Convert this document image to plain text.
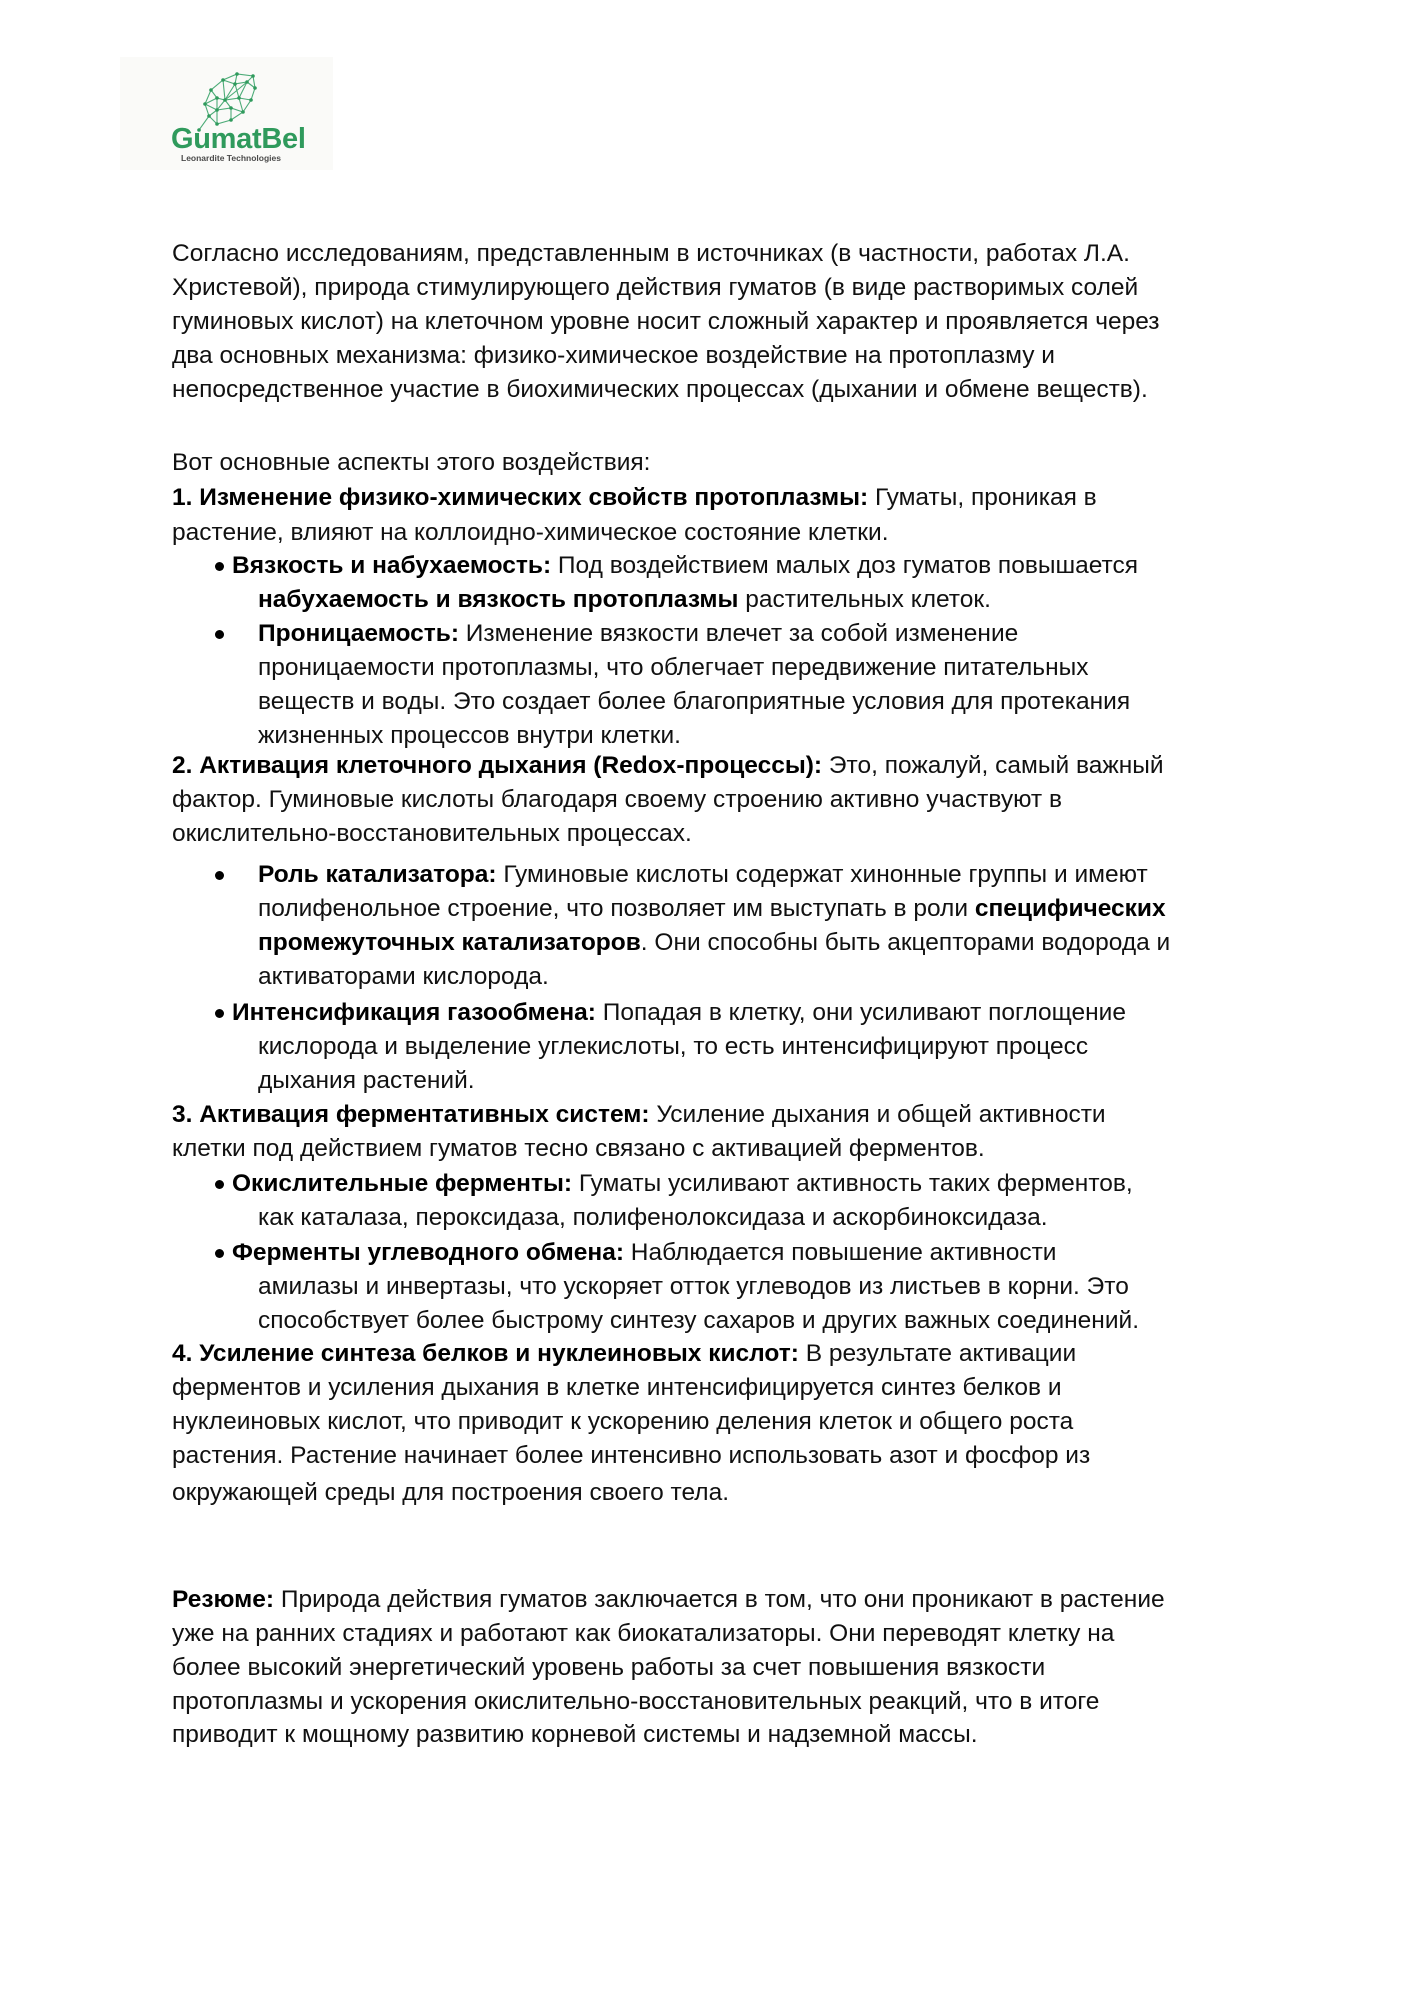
GumatBel
Leonardite Technologies
Согласно исследованиям, представленным в источниках (в частности, работах Л.А.
Христевой), природа стимулирующего действия гуматов (в виде растворимых солей
гуминовых кислот) на клеточном уровне носит сложный характер и проявляется через
два основных механизма: физико-химическое воздействие на протоплазму и
непосредственное участие в биохимических процессах (дыхании и обмене веществ).
Вот основные аспекты этого воздействия:
1. Изменение физико-химических свойств протоплазмы: Гуматы, проникая в
растение, влияют на коллоидно-химическое состояние клетки.
Вязкость и набухаемость: Под воздействием малых доз гуматов повышается
набухаемость и вязкость протоплазмы растительных клеток.
Проницаемость: Изменение вязкости влечет за собой изменение
проницаемости протоплазмы, что облегчает передвижение питательных
веществ и воды. Это создает более благоприятные условия для протекания
жизненных процессов внутри клетки.
2. Активация клеточного дыхания (Redox-процессы): Это, пожалуй, самый важный
фактор. Гуминовые кислоты благодаря своему строению активно участвуют в
окислительно-восстановительных процессах.
Роль катализатора: Гуминовые кислоты содержат хинонные группы и имеют
полифенольное строение, что позволяет им выступать в роли специфических
промежуточных катализаторов. Они способны быть акцепторами водорода и
активаторами кислорода.
Интенсификация газообмена: Попадая в клетку, они усиливают поглощение
кислорода и выделение углекислоты, то есть интенсифицируют процесс
дыхания растений.
3. Активация ферментативных систем: Усиление дыхания и общей активности
клетки под действием гуматов тесно связано с активацией ферментов.
Окислительные ферменты: Гуматы усиливают активность таких ферментов,
как каталаза, пероксидаза, полифенолоксидаза и аскорбиноксидаза.
Ферменты углеводного обмена: Наблюдается повышение активности
амилазы и инвертазы, что ускоряет отток углеводов из листьев в корни. Это
способствует более быстрому синтезу сахаров и других важных соединений.
4. Усиление синтеза белков и нуклеиновых кислот: В результате активации
ферментов и усиления дыхания в клетке интенсифицируется синтез белков и
нуклеиновых кислот, что приводит к ускорению деления клеток и общего роста
растения. Растение начинает более интенсивно использовать азот и фосфор из
окружающей среды для построения своего тела.
Резюме: Природа действия гуматов заключается в том, что они проникают в растение
уже на ранних стадиях и работают как биокатализаторы. Они переводят клетку на
более высокий энергетический уровень работы за счет повышения вязкости
протоплазмы и ускорения окислительно-восстановительных реакций, что в итоге
приводит к мощному развитию корневой системы и надземной массы.
